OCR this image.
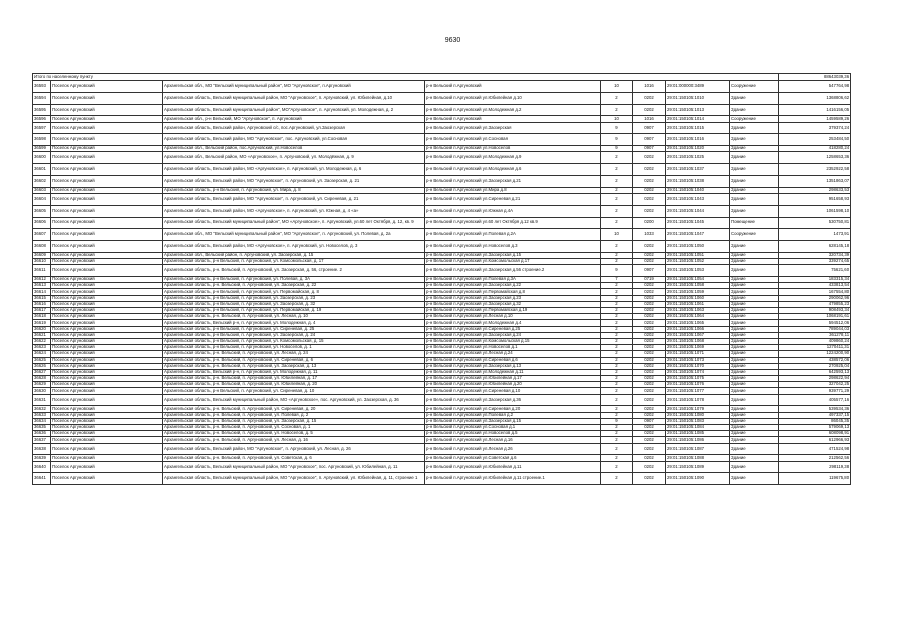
9630
Итого по населенному пункту								88643039,36
36593	Поселок Аргуновский	Архангельская обл., МО "Вельский муниципальный район", МО "Аргуновское", п.Аргуновский	р-н Вельский п.Аргуновский	10	1016	29:01:000000:3489	Сооружение	547764,98
36594	Поселок Аргуновский	Архангельская область, Вельский муниципальный район, МО "Аргуновское", п. Аргуновский, ул. Юбилейная, д.10	р-н Вельский п.Аргуновский ул.Юбилейная д.10	2	0202	29:01:150105:1010	Здание	1368806,62
36595	Поселок Аргуновский	Архангельская область, Вельский муниципальный район", МО"Аргуновское", п. Аргуновский, ул. Молодежная, д. 2	р-н Вельский п.Аргуновский ул.Молодежная д.2	2	0202	29:01:150105:1013	Здание	1416156,05
36596	Поселок Аргуновский	Архангельская обл., р-н Вельский, МО "Аргуновское", п. Аргуновский	р-н Вельский п.Аргуновский	10	1016	29:01:150105:1014	Сооружение	1459589,26
36597	Поселок Аргуновский	Архангельская область, Вельский район, Аргуновский с/с, пос.Аргуновский, ул.Заозерская	р-н Вельский п.Аргуновский ул.Заозерская	9	0907	29:01:150105:1015	Здание	379374,24
36598	Поселок Аргуновский	Архангельская область, Вельский район, МО "Аргуновское", пос. Аргуновский, ул.Сосновая	р-н Вельский п.Аргуновский ул.Сосновая	9	0907	29:01:150105:1016	Здание	253484,50
36599	Поселок Аргуновский	Архангельская обл., Вельский район, пос.Аргуновский, ул.Новоселов	р-н Вельский п.Аргуновский ул.Новоселов	9	0907	29:01:150105:1020	Здание	418280,24
36600	Поселок Аргуновский	Архангельская обл., Вельский район, МО «Аргуновское», п. Аргуновский, ул. Молодёжная, д. 9	р-н Вельский п.Аргуновский ул.Молодежная д.9	2	0202	29:01:150105:1025	Здание	1258653,36
36601	Поселок Аргуновский	Архангельская область, Вельский район, МО «Аргуновское», п. Аргуновский, ул. Молодежная, д. 6	р-н Вельский п.Аргуновский ул.Молодежная д.6	2	0202	29:01:150105:1037	Здание	2352922,58
36602	Поселок Аргуновский	Архангельская область, Вельский район, МО "Аргуновское", п. Аргуновский, ул. Заозерская, д. 21	р-н Вельский п.Аргуновский ул.Заозерская д.21	2	0202	29:01:150105:1038	Здание	1351863,07
36603	Поселок Аргуновский	Архангельская область, р-н Вельский, п. Аргуновский, ул. Мира, д. 8	р-н Вельский п.Аргуновский ул.Мира д.8	2	0202	29:01:150105:1040	Здание	298633,53
36604	Поселок Аргуновский	Архангельская область, Вельский район, МО "Аргуновское", п. Аргуновский, ул. Сиреневая, д. 21	р-н Вельский п.Аргуновский ул.Сиреневая д.21	2	0202	29:01:150105:1043	Здание	951658,93
36605	Поселок Аргуновский	Архангельская область, Вельский район, МО «Аргуновское», п. Аргуновский, ул. Южная, д. 4 «а»	р-н Вельский п.Аргуновский ул.Южная д.4А	2	0202	29:01:150105:1044	Здание	1061598,10
36606	Поселок Аргуновский	Архангельская область, Вельский муниципальный район", МО «Аргуновское», п. Аргуновский, ул.60 лет Октября, д. 12, кв. 9	р-н Вельский п.Аргуновский ул.60 лет Октября д.12 кв.9	2	0200	29:01:150105:1045	Помещение	530750,81
36607	Поселок Аргуновский	Архангельская обл., МО "Вельский муниципальный район", МО "Аргуновское", п. Аргуновский, ул. Полевая, д. 2а	р-н Вельский п.Аргуновский ул.Полевая д.2А	10	1033	29:01:150105:1047	Сооружение	1473,91
36608	Поселок Аргуновский	Архангельская область, Вельский район, МО «Аргуновское», п. Аргуновский, ул. Новоселов, д. 3	р-н Вельский п.Аргуновский ул.Новоселов д.3	2	0202	29:01:150105:1050	Здание	628145,18
36609	Поселок Аргуновский	Архангельская обл., Вельский район, п. Аргуновский, ул. Заозерская, д. 15	р-н Вельский п.Аргуновский ул.Заозерская д.15	2	0202	29:01:150105:1051	Здание	320734,39
36610	Поселок Аргуновский	Архангельская область, р-н Вельский, п. Аргуновский, ул. Комсомольская, д. 17	р-н Вельский п.Аргуновский ул.Комсомольская д.17	2	0202	29:01:150105:1052	Здание	339274,65
36611	Поселок Аргуновский	Архангельская область, р-н. Вельский, п. Аргуновский, ул. Заозерская, д. 56, строение. 2	р-н Вельский п.Аргуновский ул.Заозерская д.56 строение.2	9	0907	29:01:150105:1053	Здание	75621,60
36612	Поселок Аргуновский	Архангельская область, р-н Вельский, п. Аргуновский, ул. Полевая, д. 3А	р-н Вельский п.Аргуновский ул.Полевая д.3А	7	0719	29:01:150105:1054	Здание	183315,34
36613	Поселок Аргуновский	Архангельская область, р-н. Вельский, п. Аргуновский, ул. Заозерская, д. 22	р-н Вельский п.Аргуновский ул.Заозерская д.22	2	0202	29:01:150105:1058	Здание	433813,54
36614	Поселок Аргуновский	Архангельская область, р-н Вельский, п. Аргуновский, ул. Первомайская, д. 8	р-н Вельский п.Аргуновский ул.Первомайская д.8	2	0202	29:01:150105:1059	Здание	167554,80
36615	Поселок Аргуновский	Архангельская область, р-н Вельский, п. Аргуновский, ул. Заозерская, д. 23	р-н Вельский п.Аргуновский ул.Заозерская д.23	2	0202	29:01:150105:1060	Здание	290062,96
36616	Поселок Аргуновский	Архангельская область, р-н Вельский, п. Аргуновский, ул. Заозерская, д. 32	р-н Вельский п.Аргуновский ул.Заозерская д.32	2	0202	29:01:150105:1061	Здание	479855,23
36617	Поселок Аргуновский	Архангельская область, р-н Вельский, п. Аргуновский, ул. Первомайская, д. 19	р-н Вельский п.Аргуновский ул.Первомайская д.19	2	0202	29:01:150105:1063	Здание	908493,34
36618	Поселок Аргуновский	Архангельская область, р-н. Вельский, п. Аргуновский, ул. Лесная, д. 10	р-н Вельский п.Аргуновский ул.Лесная д.10	2	0202	29:01:150105:1064	Здание	1068191,61
36619	Поселок Аргуновский	Архангельская область, Вельский р-н, п. Аргуновский, ул. Молодежная, д. 4	р-н Вельский п.Аргуновский ул.Молодежная д.4	2	0202	29:01:150105:1065	Здание	594512,06
36620	Поселок Аргуновский	Архангельская область, р-н Вельский, п. Аргуновский, ул. Сиреневая, д. 25	р-н Вельский п.Аргуновский ул.Сиреневая д.25	2	0202	29:01:150105:1066	Здание	789044,03
36621	Поселок Аргуновский	Архангельская область, р-н Вельский, п. Аргуновский, ул. Заозерская, д. 24	р-н Вельский п.Аргуновский ул.Заозерская д.24	2	0202	29:01:150105:1067	Здание	361278,11
36622	Поселок Аргуновский	Архангельская область, р-н Вельский, п. Аргуновский, ул. Комсомольская, д. 15	р-н Вельский п.Аргуновский ул.Комсомольская д.15	2	0202	29:01:150105:1068	Здание	409860,24
36623	Поселок Аргуновский	Архангельская область, р-н Вельский, п. Аргуновский, ул. Новоселов, д. 1	р-н Вельский п.Аргуновский ул.Новоселов д.1	2	0202	29:01:150105:1069	Здание	1270411,31
36624	Поселок Аргуновский	Архангельская область, р-н. Вельский, п. Аргуновский, ул. Лесная, д. 24	р-н Вельский п.Аргуновский ул.Лесная д.24	2	0202	29:01:150105:1071	Здание	1224200,90
36625	Поселок Аргуновский	Архангельская область, р-н. Вельский, п. Аргуновский, ул. Сиреневая, д. 6	р-н Вельский п.Аргуновский ул.Сиреневая д.6	2	0202	29:01:150105:1073	Здание	438572,06
36626	Поселок Аргуновский	Архангельская область, р-н. Вельский, п. Аргуновский, ул. Заозерская, д. 13	р-н Вельский п.Аргуновский ул.Заозерская д.13	2	0202	29:01:150105:1070	Здание	270925,04
36627	Поселок Аргуновский	Архангельская область, Вельский р-н, п. Аргуновский, ул. Молодежная, д. 11	р-н Вельский п.Аргуновский ул.Молодежная д.11	2	0202	29:01:150105:1074	Здание	642593,13
36628	Поселок Аргуновский	Архангельская область, р-н. Вельский, п. Аргуновский, ул. Юбилейная, д. 17	р-н Вельский п.Аргуновский ул.Юбилейная д.17	2	0202	29:01:150105:1075	Здание	298622,94
36629	Поселок Аргуновский	Архангельская область, р-н. Вельский, п. Аргуновский, ул. Юбилейная, д. 20	р-н Вельский п.Аргуновский ул.Юбилейная д.20	2	0202	29:01:150105:1076	Здание	327042,25
36630	Поселок Аргуновский	Архангельская область, р-н Вельский, п. Аргуновский, ул. Сиреневая, д. 10	р-н Вельский п.Аргуновский ул.Сиреневая д.10	2	0202	29:01:150105:1077	Здание	939771,29
36631	Поселок Аргуновский	Архангельская область, Вельский муниципальный район, МО «Аргуновское», пос. Аргуновский, ул. Заозерская, д. 36	р-н Вельский п.Аргуновский ул.Заозерская д.36	2	0202	29:01:150105:1078	Здание	405577,16
36632	Поселок Аргуновский	Архангельская область, р-н. Вельский, п. Аргуновский, ул. Сиреневая, д. 20	р-н Вельский п.Аргуновский ул.Сиреневая д.20	2	0202	29:01:150105:1079	Здание	539534,36
36633	Поселок Аргуновский	Архангельская область, р-н. Вельский, п. Аргуновский, ул. Полевая, д. 2	р-н Вельский п.Аргуновский ул.Полевая д.2	2	0202	29:01:150105:1080	Здание	497337,15
36634	Поселок Аргуновский	Архангельская область, р-н. Вельский, п. Аргуновский, ул. Заозерская, д. 15	р-н Вельский п.Аргуновский ул.Заозерская д.15	9	0907	29:01:150105:1083	Здание	86045,35
36635	Поселок Аргуновский	Архангельская область, р-н. Вельский, п. Аргуновский, ул. Сосновая, д. 1	р-н Вельский п.Аргуновский ул.Сосновая д.1	2	0202	29:01:150105:1084	Здание	579069,13
36636	Поселок Аргуновский	Архангельская область, р-н. Вельский, п. Аргуновский, ул. Новоселов, д. 5	р-н Вельский п.Аргуновский ул.Новоселов д.5	2	0202	29:01:150105:1085	Здание	608098,91
36637	Поселок Аргуновский	Архангельская область, р-н. Вельский, п. Аргуновский, ул. Лесная, д. 16	р-н Вельский п.Аргуновский ул.Лесная д.16	2	0202	29:01:150105:1086	Здание	612966,93
36638	Поселок Аргуновский	Архангельская область, Вельский район, МО "Аргуновское", п. Аргуновский, ул. Лесная, д. 26	р-н Вельский п.Аргуновский ул.Лесная д.26	2	0202	29:01:150105:1087	Здание	471524,98
36639	Поселок Аргуновский	Архангельская область, р-н. Вельский, п. Аргуновский, ул. Советская, д. 6	р-н Вельский п.Аргуновский ул.Советская д.6	2	0202	29:01:150105:1088	Здание	212562,56
36640	Поселок Аргуновский	Архангельская область, Вельский муниципальный район, МО "Аргуновское", пос. Аргуновский, ул. Юбилейная, д. 11	р-н Вельский п.Аргуновский ул.Юбилейная д.11	2	0202	29:01:150105:1089	Здание	298119,38
36641	Поселок Аргуновский	Архангельская область, Вельский муниципальный район, МО "Аргуновское", п. Аргуновский, ул. Юбилейная, д. 11, строение 1	р-н Вельский п.Аргуновский ул.Юбилейная д.11 строение.1	2	0202	29:01:150105:1090	Здание	119675,80
